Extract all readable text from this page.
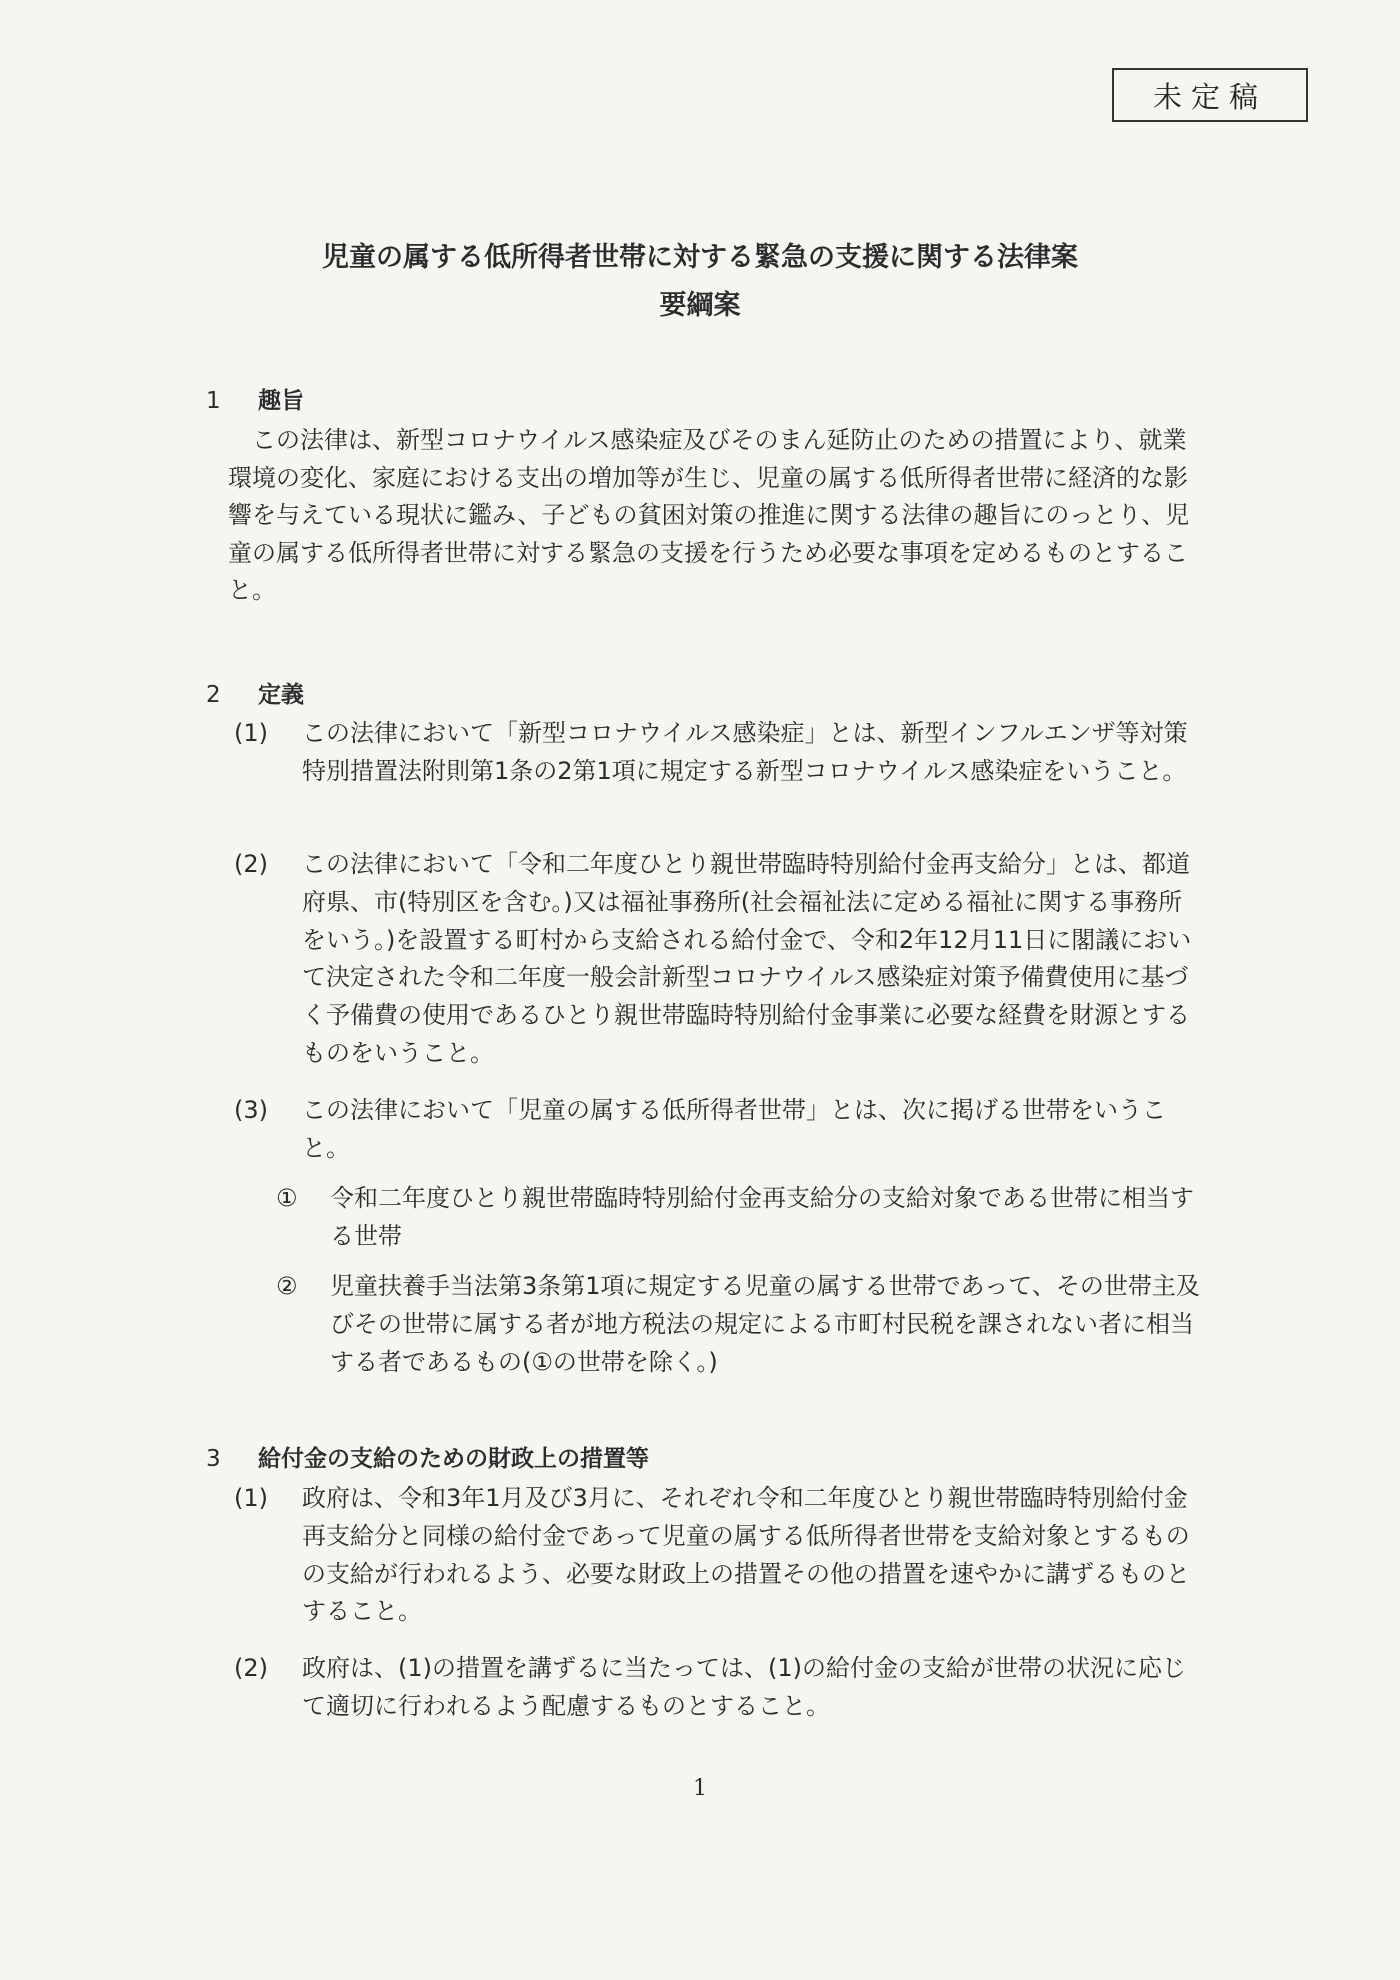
未定稿
児童の属する低所得者世帯に対する緊急の支援に関する法律案
要綱案
1 趣旨

この法律は、新型コロナウイルス感染症及びそのまん延防止のための措置により、就業環境の変化、家庭における支出の増加等が生じ、児童の属する低所得者世帯に経済的な影響を与えている現状に鑑み、子どもの貧困対策の推進に関する法律の趣旨にのっとり、児童の属する低所得者世帯に対する緊急の支援を行うため必要な事項を定めるものとすること。

2 定義
(1)	この法律において「新型コロナウイルス感染症」とは、新型インフルエンザ等対策特別措置法附則第1条の2第1項に規定する新型コロナウイルス感染症をいうこと。
(2)	この法律において「令和二年度ひとり親世帯臨時特別給付金再支給分」とは、都道府県、市(特別区を含む。)又は福祉事務所(社会福祉法に定める福祉に関する事務所をいう。)を設置する町村から支給される給付金で、令和2年12月11日に閣議において決定された令和二年度一般会計新型コロナウイルス感染症対策予備費使用に基づく予備費の使用であるひとり親世帯臨時特別給付金事業に必要な経費を財源とするものをいうこと。
(3)	この法律において「児童の属する低所得者世帯」とは、次に掲げる世帯をいうこと。
①	令和二年度ひとり親世帯臨時特別給付金再支給分の支給対象である世帯に相当する世帯
②	児童扶養手当法第3条第1項に規定する児童の属する世帯であって、その世帯主及びその世帯に属する者が地方税法の規定による市町村民税を課されない者に相当する者であるもの(①の世帯を除く。)
3 給付金の支給のための財政上の措置等
(1)	政府は、令和3年1月及び3月に、それぞれ令和二年度ひとり親世帯臨時特別給付金再支給分と同様の給付金であって児童の属する低所得者世帯を支給対象とするものの支給が行われるよう、必要な財政上の措置その他の措置を速やかに講ずるものとすること。
(2)	政府は、(1)の措置を講ずるに当たっては、(1)の給付金の支給が世帯の状況に応じて適切に行われるよう配慮するものとすること。
1
